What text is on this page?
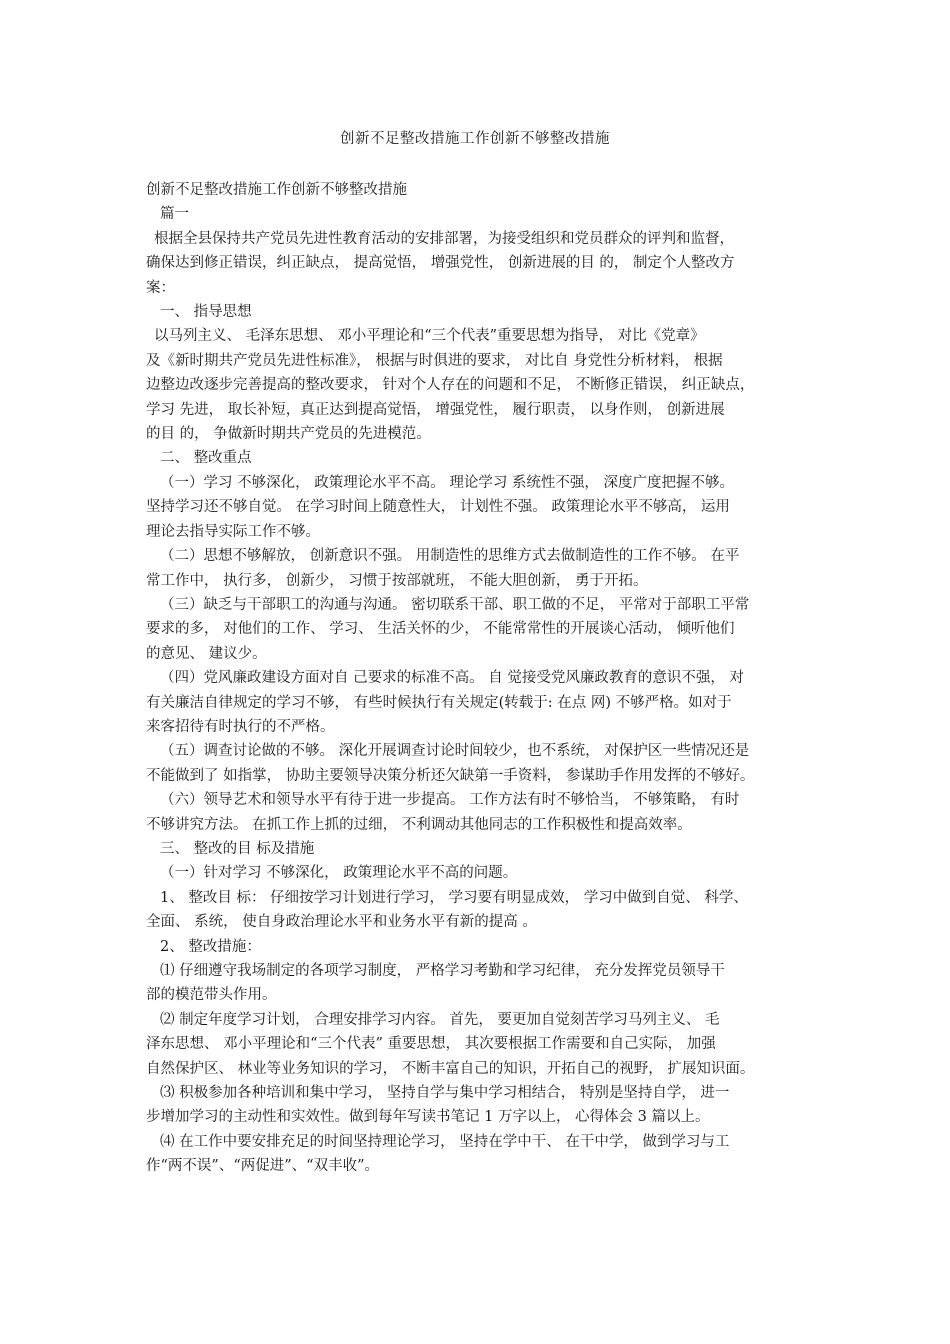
创新不足整改措施工作创新不够整改措施

创新不足整改措施工作创新不够整改措施

篇一

根据全县保持共产党员先进性教育活动的安排部署，为接受组织和党员群众的评判和监督，

确保达到修正错误，纠正缺点， 提高觉悟， 增强党性， 创新进展的目 的， 制定个人整改方

案：

一、 指导思想

以马列主义、 毛泽东思想、 邓小平理论和“三个代表”重要思想为指导， 对比《党章》

及《新时期共产党员先进性标准》， 根据与时俱进的要求， 对比自 身党性分析材料， 根据

边整边改逐步完善提高的整改要求， 针对个人存在的问题和不足， 不断修正错误， 纠正缺点，

学习 先进， 取长补短，真正达到提高觉悟， 增强党性， 履行职责， 以身作则， 创新进展

的目 的， 争做新时期共产党员的先进模范。

二、 整改重点

（一）学习 不够深化， 政策理论水平不高。 理论学习 系统性不强， 深度广度把握不够。

坚持学习还不够自觉。 在学习时间上随意性大， 计划性不强。 政策理论水平不够高， 运用

理论去指导实际工作不够。

（二）思想不够解放， 创新意识不强。 用制造性的思维方式去做制造性的工作不够。 在平

常工作中， 执行多， 创新少， 习惯于按部就班， 不能大胆创新， 勇于开拓。

（三）缺乏与干部职工的沟通与沟通。 密切联系干部、职工做的不足， 平常对于部职工平常

要求的多， 对他们的工作、 学习、 生活关怀的少， 不能常常性的开展谈心活动， 倾听他们

的意见、 建议少。

（四）党风廉政建设方面对自 己要求的标准不高。 自 觉接受党风廉政教育的意识不强， 对

有关廉洁自律规定的学习不够， 有些时候执行有关规定(转载于: 在点 网) 不够严格。如对于

来客招待有时执行的不严格。

（五）调查讨论做的不够。 深化开展调查讨论时间较少，也不系统， 对保护区一些情况还是

不能做到了 如指掌， 协助主要领导决策分析还欠缺第一手资料， 参谋助手作用发挥的不够好。

（六）领导艺术和领导水平有待于进一步提高。 工作方法有时不够恰当， 不够策略， 有时

不够讲究方法。 在抓工作上抓的过细， 不利调动其他同志的工作积极性和提高效率。

三、 整改的目 标及措施

（一）针对学习 不够深化， 政策理论水平不高的问题。

1、 整改目 标： 仔细按学习计划进行学习， 学习要有明显成效， 学习中做到自觉、 科学、

全面、 系统， 使自身政治理论水平和业务水平有新的提高 。

2、 整改措施：

⑴ 仔细遵守我场制定的各项学习制度， 严格学习考勤和学习纪律， 充分发挥党员领导干

部的模范带头作用。

⑵ 制定年度学习计划， 合理安排学习内容。 首先， 要更加自觉刻苦学习马列主义、 毛

泽东思想、 邓小平理论和“三个代表” 重要思想， 其次要根据工作需要和自己实际， 加强

自然保护区、 林业等业务知识的学习， 不断丰富自己的知识，开拓自己的视野， 扩展知识面。

⑶ 积极参加各种培训和集中学习， 坚持自学与集中学习相结合， 特别是坚持自学， 进一

步增加学习的主动性和实效性。做到每年写读书笔记 1 万字以上， 心得体会 3 篇以上。

⑷ 在工作中要安排充足的时间坚持理论学习， 坚持在学中干、 在干中学， 做到学习与工

作“两不误”、“两促进”、“双丰收”。
